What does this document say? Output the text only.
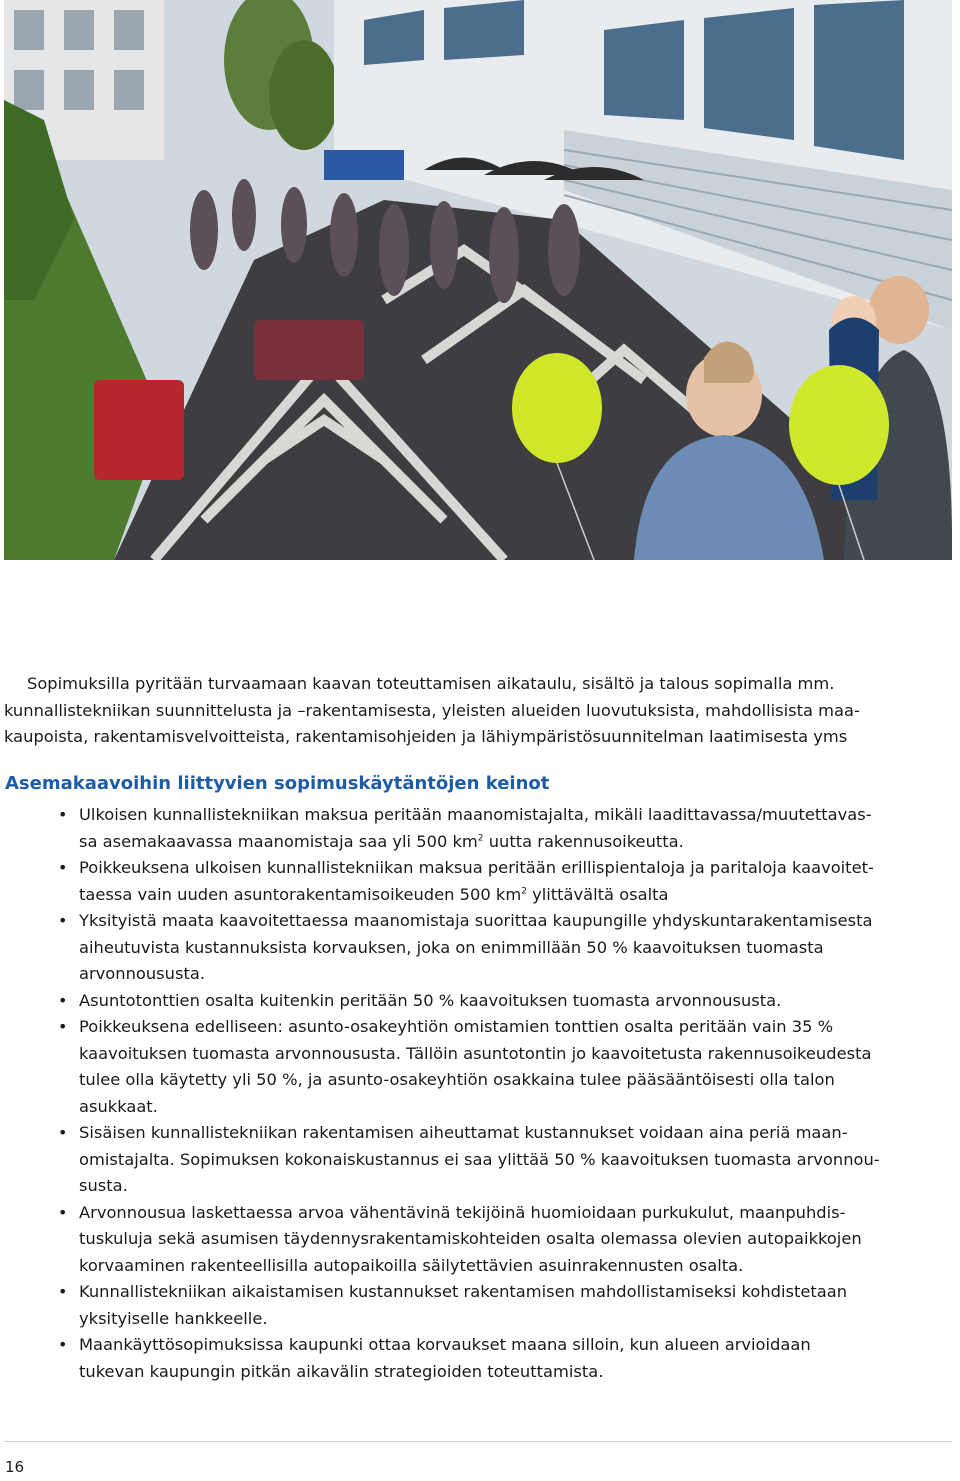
Sopimuksilla pyritään turvaamaan kaavan toteuttamisen aikataulu, sisältö ja talous sopimalla mm.
kunnallistekniikan suunnittelusta ja –rakentamisesta, yleisten alueiden luovutuksista, mahdollisista maa-
kaupoista, rakentamisvelvoitteista, rakentamisohjeiden ja lähiympäristösuunnitelman laatimisesta yms

Asemakaavoihin liittyvien sopimuskäytäntöjen keinot
• Ulkoisen kunnallistekniikan maksua peritään maanomistajalta, mikäli laadittavassa/muutettavas-
sa asemakaavassa maanomistaja saa yli 500 $km^2$ uutta rakennusoikeutta.
• Poikkeuksena ulkoisen kunnallistekniikan maksua peritään erillispientaloja ja paritaloja kaavoitet-
taessa vain uuden asuntorakentamisoikeuden 500 $km^2$ ylittävältä osalta
• Yksityistä maata kaavoitettaessa maanomistaja suorittaa kaupungille yhdyskuntarakentamisesta
aiheutuvista kustannuksista korvauksen, joka on enimmillään 50 % kaavoituksen tuomasta
arvonnousu​sta.
• Asuntotonttien osalta kuitenkin peritään 50 % kaavoituksen tuomasta arvonnoususta.
• Poikkeuksena edelliseen: asunto-osakeyhtiön omistamien tonttien osalta peritään vain 35 %
kaavoituksen tuomasta arvonnoususta. Tällöin asuntotontin jo kaavoitetusta rakennusoikeudesta
tulee olla käytetty yli 50 %, ja asunto-osakeyhtiön osakkaina tulee pääsääntöisesti olla talon
asukkaat.
• Sisäisen kunnallistekniikan rakentamisen aiheuttamat kustannukset voidaan aina periä maan-
omistajalta. Sopimuksen kokonaiskustannus ei saa ylittää 50 % kaavoituksen tuomasta arvonnou-
susta.
• Arvonnousua laskettaessa arvoa vähentävinä tekijöinä huomioidaan purkukulut, maanpuhdis-
tuskuluja sekä asumisen täydennysrakentamiskohteiden osalta olemassa olevien autopaikkojen
korvaaminen rakenteellisilla autopaikoilla säilytettävien asuinrakennusten osalta.
• Kunnallistekniikan aikaistamisen kustannukset rakentamisen mahdollistamiseksi kohdistetaan
yksityiselle hankkeelle.
• Maankäyttösopimuksissa kaupunki ottaa korvaukset maana silloin, kun alueen arvioidaan
tukevan kaupungin pitkän aikavälin strategioiden toteuttamista.
16
